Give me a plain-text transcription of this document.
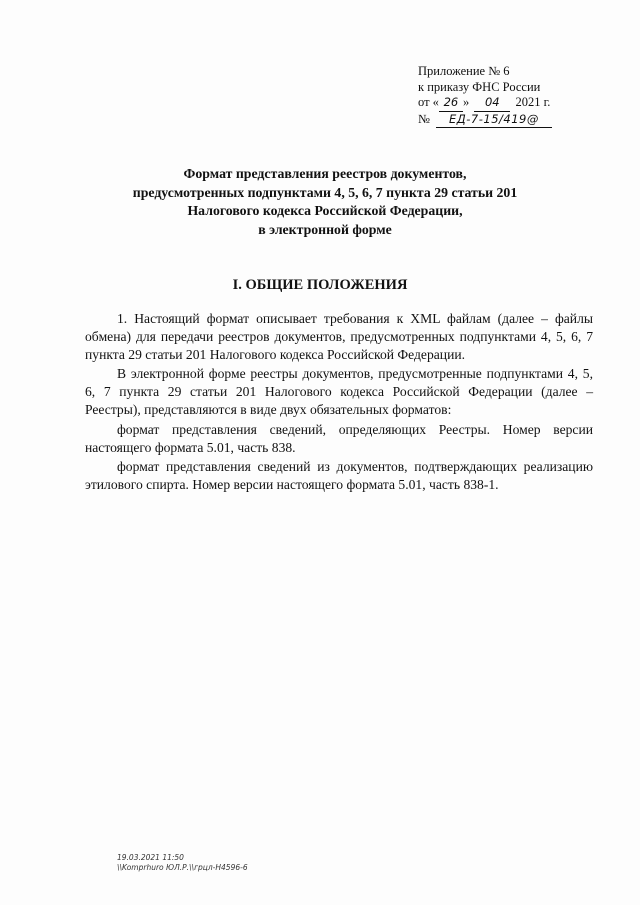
Приложение № 6
к приказу ФНС России
от « 26 » 04 2021 г.
№ ЕД-7-15/419@
Формат представления реестров документов,
предусмотренных подпунктами 4, 5, 6, 7 пункта 29 статьи 201
Налогового кодекса Российской Федерации,
в электронной форме
I. ОБЩИЕ ПОЛОЖЕНИЯ

1. Настоящий формат описывает требования к XML файлам (далее – файлы обмена) для передачи реестров документов, предусмотренных подпунктами 4, 5, 6, 7 пункта 29 статьи 201 Налогового кодекса Российской Федерации.

В электронной форме реестры документов, предусмотренные подпунктами 4, 5, 6, 7 пункта 29 статьи 201 Налогового кодекса Российской Федерации (далее – Реестры), представляются в виде двух обязательных форматов:

формат представления сведений, определяющих Реестры. Номер версии настоящего формата 5.01, часть 838.

формат представления сведений из документов, подтверждающих реализацию этилового спирта. Номер версии настоящего формата 5.01, часть 838-1.

19.03.2021 11:50
\\Komprhuro ЮЛ.Р.\\грцл-Н4596-6
